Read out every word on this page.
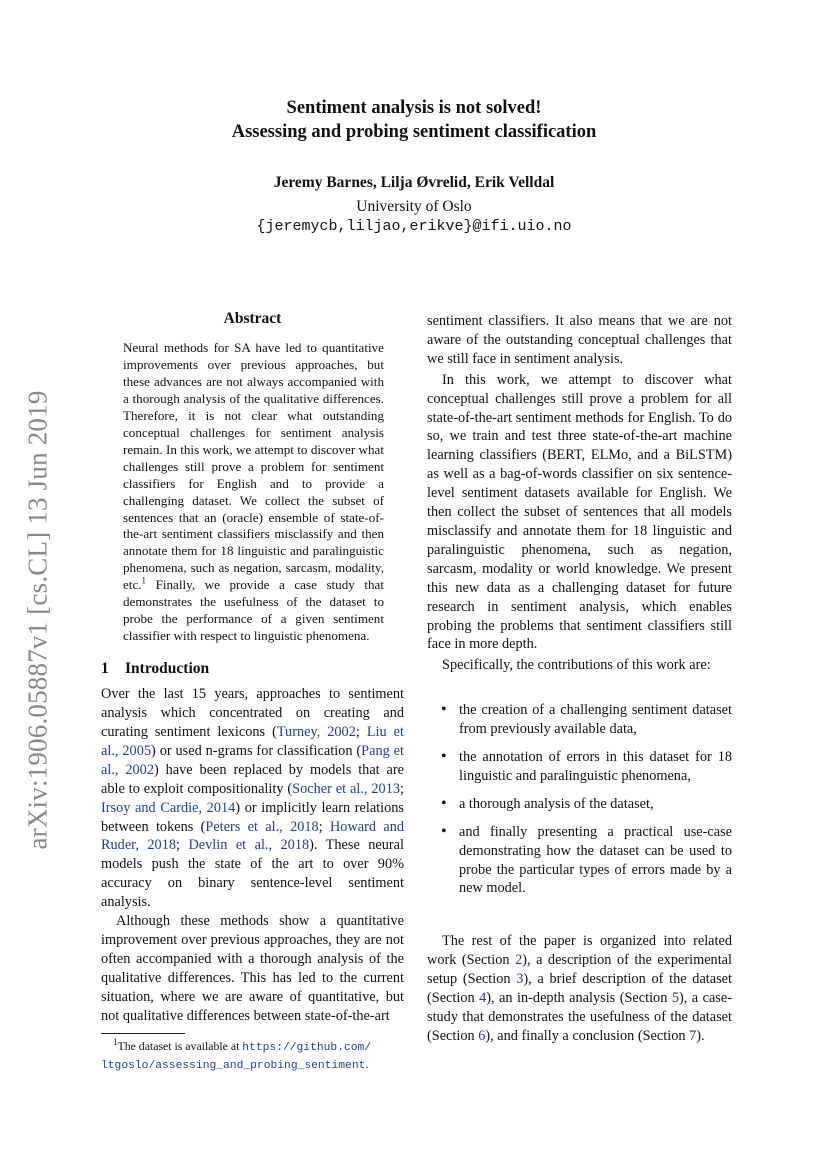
arXiv:1906.05887v1 [cs.CL] 13 Jun 2019
Sentiment analysis is not solved!
Assessing and probing sentiment classification
Jeremy Barnes, Lilja Øvrelid, Erik Velldal
University of Oslo
{jeremycb,liljao,erikve}@ifi.uio.no
Abstract
Neural methods for SA have led to quantitative improvements over previous approaches, but these advances are not always accompanied with a thorough analysis of the qualitative differences. Therefore, it is not clear what outstanding conceptual challenges for sentiment analysis remain. In this work, we attempt to discover what challenges still prove a problem for sentiment classifiers for English and to provide a challenging dataset. We collect the subset of sentences that an (oracle) ensemble of state-of-the-art sentiment classifiers misclassify and then annotate them for 18 linguistic and paralinguistic phenomena, such as negation, sarcasm, modality, etc.$^1$ Finally, we provide a case study that demonstrates the usefulness of the dataset to probe the performance of a given sentiment classifier with respect to linguistic phenomena.
1 Introduction

Over the last 15 years, approaches to sentiment analysis which concentrated on creating and curating sentiment lexicons (Turney, 2002; Liu et al., 2005) or used n-grams for classification (Pang et al., 2002) have been replaced by models that are able to exploit compositionality (Socher et al., 2013; Irsoy and Cardie, 2014) or implicitly learn relations between tokens (Peters et al., 2018; Howard and Ruder, 2018; Devlin et al., 2018). These neural models push the state of the art to over 90% accuracy on binary sentence-level sentiment analysis.

Although these methods show a quantitative improvement over previous approaches, they are not often accompanied with a thorough analysis of the qualitative differences. This has led to the current situation, where we are aware of quantitative, but not qualitative differences between state-of-the-art

$^1$The dataset is available at https://github.com/ ltgoslo/assessing_and_probing_sentiment.

sentiment classifiers. It also means that we are not aware of the outstanding conceptual challenges that we still face in sentiment analysis.

In this work, we attempt to discover what conceptual challenges still prove a problem for all state-of-the-art sentiment methods for English. To do so, we train and test three state-of-the-art machine learning classifiers (BERT, ELMo, and a BiLSTM) as well as a bag-of-words classifier on six sentence-level sentiment datasets available for English. We then collect the subset of sentences that all models misclassify and annotate them for 18 linguistic and paralinguistic phenomena, such as negation, sarcasm, modality or world knowledge. We present this new data as a challenging dataset for future research in sentiment analysis, which enables probing the problems that sentiment classifiers still face in more depth.

Specifically, the contributions of this work are:

• the creation of a challenging sentiment dataset from previously available data,
• the annotation of errors in this dataset for 18 linguistic and paralinguistic phenomena,
• a thorough analysis of the dataset,
• and finally presenting a practical use-case demonstrating how the dataset can be used to probe the particular types of errors made by a new model.

The rest of the paper is organized into related work (Section 2), a description of the experimental setup (Section 3), a brief description of the dataset (Section 4), an in-depth analysis (Section 5), a case-study that demonstrates the usefulness of the dataset (Section 6), and finally a conclusion (Section 7).
